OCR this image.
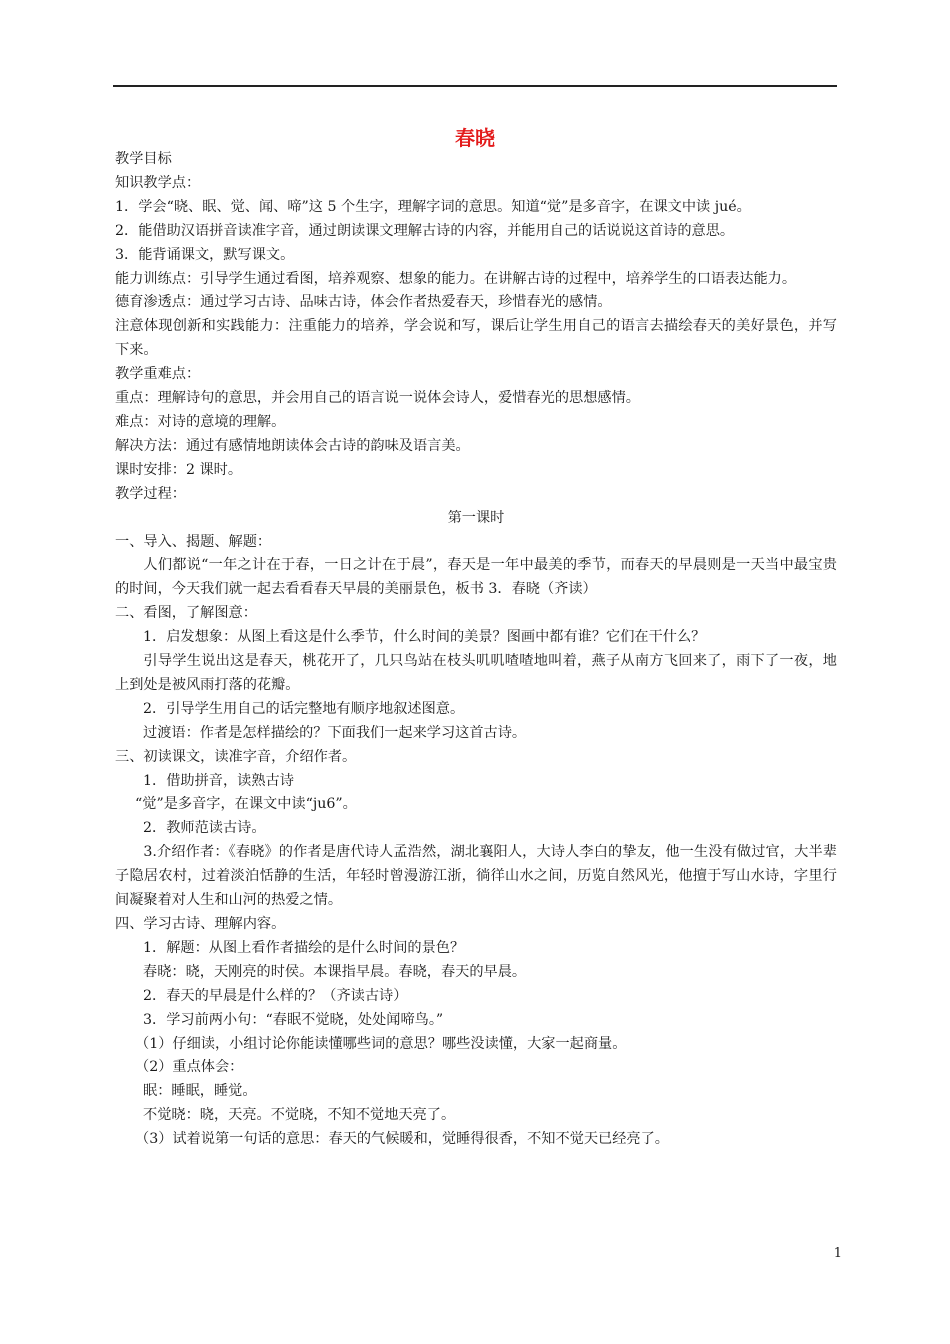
春晓

教学目标

知识教学点：

1．学会“晓、眠、觉、闻、啼”这 5 个生字，理解字词的意思。知道“觉”是多音字，在课文中读 jué。

2．能借助汉语拼音读准字音，通过朗读课文理解古诗的内容，并能用自己的话说说这首诗的意思。

3．能背诵课文，默写课文。

能力训练点：引导学生通过看图，培养观察、想象的能力。在讲解古诗的过程中，培养学生的口语表达能力。

德育渗透点：通过学习古诗、品味古诗，体会作者热爱春天，珍惜春光的感情。

注意体现创新和实践能力：注重能力的培养，学会说和写，课后让学生用自己的语言去描绘春天的美好景色，并写下来。

教学重难点：

重点：理解诗句的意思，并会用自己的语言说一说体会诗人，爱惜春光的思想感情。

难点：对诗的意境的理解。

解决方法：通过有感情地朗读体会古诗的韵味及语言美。

课时安排：2 课时。

教学过程：

第一课时

一、导入、揭题、解题：

人们都说“一年之计在于春，一日之计在于晨”，春天是一年中最美的季节，而春天的早晨则是一天当中最宝贵的时间，今天我们就一起去看看春天早晨的美丽景色，板书 3．春晓（齐读）

二、看图，了解图意：

1．启发想象：从图上看这是什么季节，什么时间的美景？图画中都有谁？它们在干什么？

引导学生说出这是春天，桃花开了，几只鸟站在枝头叽叽喳喳地叫着，燕子从南方飞回来了，雨下了一夜，地上到处是被风雨打落的花瓣。

2．引导学生用自己的话完整地有顺序地叙述图意。

过渡语：作者是怎样描绘的？下面我们一起来学习这首古诗。

三、初读课文，读准字音，介绍作者。

1．借助拼音，读熟古诗

“觉”是多音字，在课文中读“ju6”。

2．教师范读古诗。

3.介绍作者：《春晓》的作者是唐代诗人孟浩然，湖北襄阳人，大诗人李白的挚友，他一生没有做过官，大半辈子隐居农村，过着淡泊恬静的生活，年轻时曾漫游江浙，徜徉山水之间，历览自然风光，他擅于写山水诗，字里行间凝聚着对人生和山河的热爱之情。

四、学习古诗、理解内容。

1．解题：从图上看作者描绘的是什么时间的景色？

春晓：晓，天刚亮的时侯。本课指早晨。春晓，春天的早晨。

2．春天的早晨是什么样的？（齐读古诗）

3．学习前两小句：“春眠不觉晓，处处闻啼鸟。”

（1）仔细读，小组讨论你能读懂哪些词的意思？哪些没读懂，大家一起商量。

（2）重点体会：

眠：睡眠，睡觉。

不觉晓：晓，天亮。不觉晓，不知不觉地天亮了。

（3）试着说第一句话的意思：春天的气候暖和，觉睡得很香，不知不觉天已经亮了。

1
